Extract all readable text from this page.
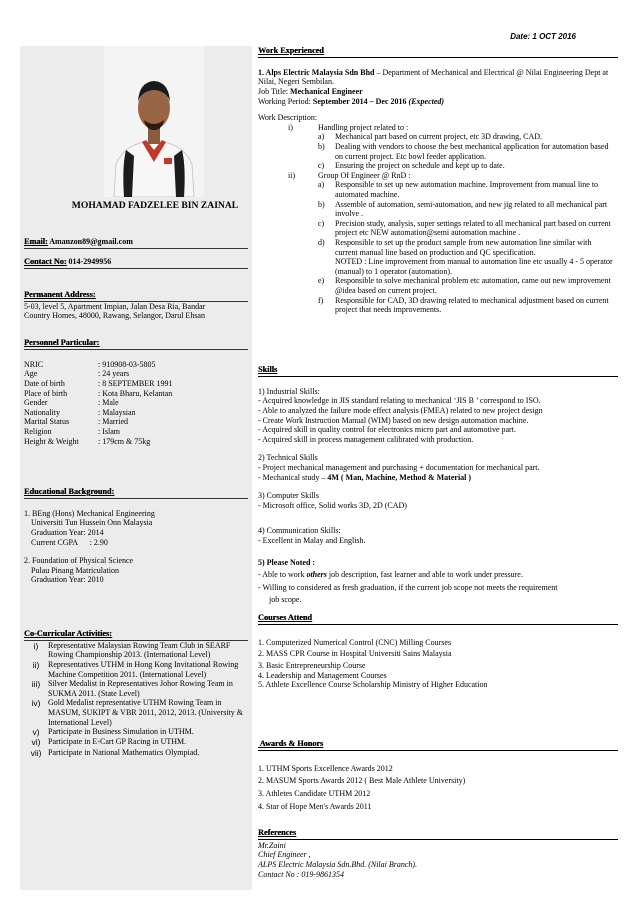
Date: 1 OCT 2016
MOHAMAD FADZELEE BIN ZAINAL
Email: Amanzon89@gmail.com
Contact No: 014-2949956
Permanent Address:
5-03, level 5, Apartment Impian, Jalan Desa Ria, Bandar
Country Homes, 48000, Rawang, Selangor, Darul Ehsan
Personnel Particular:
NRIC	: 910908-03-5805
Age	: 24 years
Date of birth	: 8 SEPTEMBER 1991
Place of birth	: Kota Bharu, Kelantan
Gender	: Male
Nationality	: Malaysian
Marital Status	: Married
Religion	: Islam
Height & Weight	: 179cm & 75kg
Educational Background:
1. BEng (Hons) Mechanical Engineering
Universiti Tun Hussein Onn Malaysia
Graduation Year: 2014
Current CGPA      : 2.90
2. Foundation of Physical Science
Pulau Pinang Matriculation
Graduation Year: 2010
Co-Curricular Activities:
i)	Representative Malaysian Rowing Team Club in SEARF Rowing Championship 2013. (International Level)
ii)	Representatives UTHM in Hong Kong Invitational Rowing Machine Competition 2011. (International Level)
iii) Silver Medalist in Representatives Johor Rowing Team in SUKMA 2011. (State Level)
iv) Gold Medalist representative UTHM Rowing Team in MASUM, SUKIPT & VBR 2011, 2012, 2013. (University & International Level)
v)	Participate in Business Simulation in UTHM.
vi) Participate in E-Cart GP Racing in UTHM.
vii) Participate in National Mathematics Olympiad.
Work Experienced
1. Alps Electric Malaysia Sdn Bhd – Department of Mechanical and Electrical @ Nilai Engineering Dept at Nilai, Negeri Sembilan.
Job Title: Mechanical Engineer
Working Period: September 2014 – Dec 2016 (Expected)
Work Description:
i)	Handling project related to :
a)	Mechanical part based on current project, etc 3D drawing, CAD.
b)	Dealing with vendors to choose the best mechanical application for automation based on current project. Etc bowl feeder application.
c)	Ensuring the project on schedule and kept up to date.
ii)	Group Of Engineer @ RnD :
a)	Responsible to set up new automation machine. Improvement from manual line to automated machine.
b)	Assemble of automation, semi-automation, and new jig related to all mechanical part involve .
c)	Precision study, analysis, super settings related to all mechanical part based on current project etc NEW automation@semi automation machine .
d)	Responsible to set up the product sample from new automation line similar with current manual line based on production and QC specification.
NOTED : Line improvement from manual to automation line etc usually 4 - 5 operator (manual) to 1 operator (automation).
e)	Responsible to solve mechanical problem etc automation, came out new improvement @idea based on current project.
f)	Responsible for CAD, 3D drawing related to mechanical adjustment based on current project that needs improvements.
Skills
1) Industrial Skills:
- Acquired knowledge in JIS standard relating to mechanical ‘JIS B ’ correspond to ISO.
- Able to analyzed the failure mode effect analysis (FMEA) related to new project design
- Create Work Instruction Manual (WIM) based on new design automation machine.
- Acquired skill in quality control for electronics micro part and automotive part.
- Acquired skill in process management calibrated with production.
2) Technical Skills
- Project mechanical management and purchasing + documentation for mechanical part.
- Mechanical study – 4M ( Man, Machine, Method & Material )
3) Computer Skills
- Microsoft office, Solid works 3D, 2D (CAD)
4) Communication Skills:
- Excellent in Malay and English.
5) Please Noted :
- Able to work others job description, fast learner and able to work under pressure.
- Willing to considered as fresh graduation, if the current job scope not meets the requirement
job scope.
Courses Attend
1. Computerized Numerical Control (CNC) Milling Courses
2. MASS CPR Course in Hospital Universiti Sains Malaysia
3. Basic Entrepreneurship Course
4. Leadership and Management Courses
5. Athlete Excellence Course Scholarship Ministry of Higher Education
Awards & Honors
1. UTHM Sports Excellence Awards 2012
2. MASUM Sports Awards 2012 ( Best Male Athlete University)
3. Athletes Candidate UTHM 2012
4. Star of Hope Men's Awards 2011
References
Mr.Zaini
Chief Engineer ,
ALPS Electric Malaysia Sdn.Bhd. (Nilai Branch).
Contact No : 019-9861354
